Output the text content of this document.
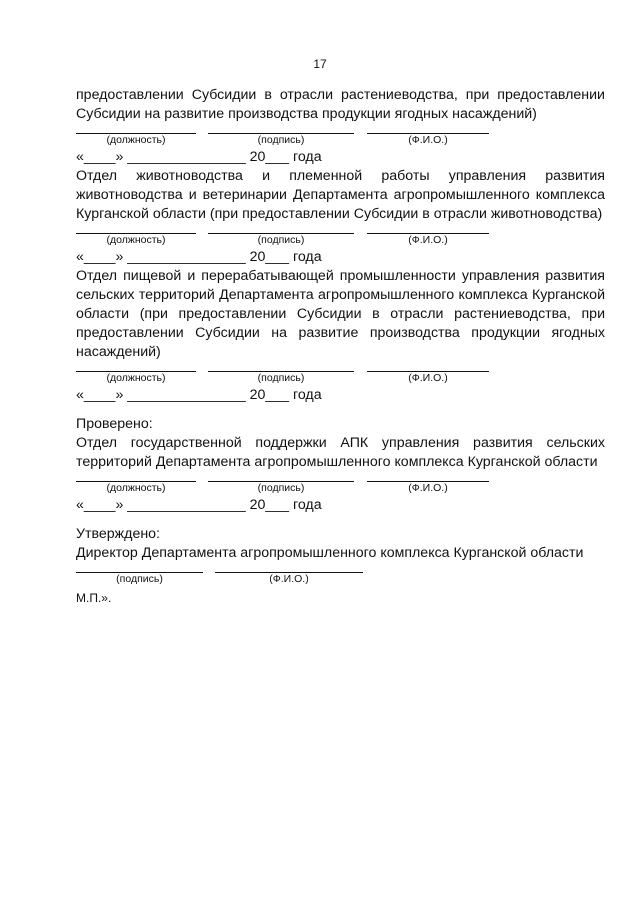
17

предоставлении Субсидии в отрасли растениеводства, при предоставлении Субсидии на развитие производства продукции ягодных насаждений)

(должность)	(подпись)	(Ф.И.О.)

«____» _______________ 20___ года

Отдел животноводства и племенной работы управления развития животноводства и ветеринарии Департамента агропромышленного комплекса Курганской области (при предоставлении Субсидии в отрасли животноводства)

(должность)	(подпись)	(Ф.И.О.)

«____» _______________ 20___ года

Отдел пищевой и перерабатывающей промышленности управления развития сельских территорий Департамента агропромышленного комплекса Курганской области (при предоставлении Субсидии в отрасли растениеводства, при предоставлении Субсидии на развитие производства продукции ягодных насаждений)

(должность)	(подпись)	(Ф.И.О.)

«____» _______________ 20___ года

Проверено:

Отдел государственной поддержки АПК управления развития сельских территорий Департамента агропромышленного комплекса Курганской области

(должность)	(подпись)	(Ф.И.О.)

«____» _______________ 20___ года

Утверждено:

Директор Департамента агропромышленного комплекса Курганской области

(подпись)	(Ф.И.О.)

М.П.».
